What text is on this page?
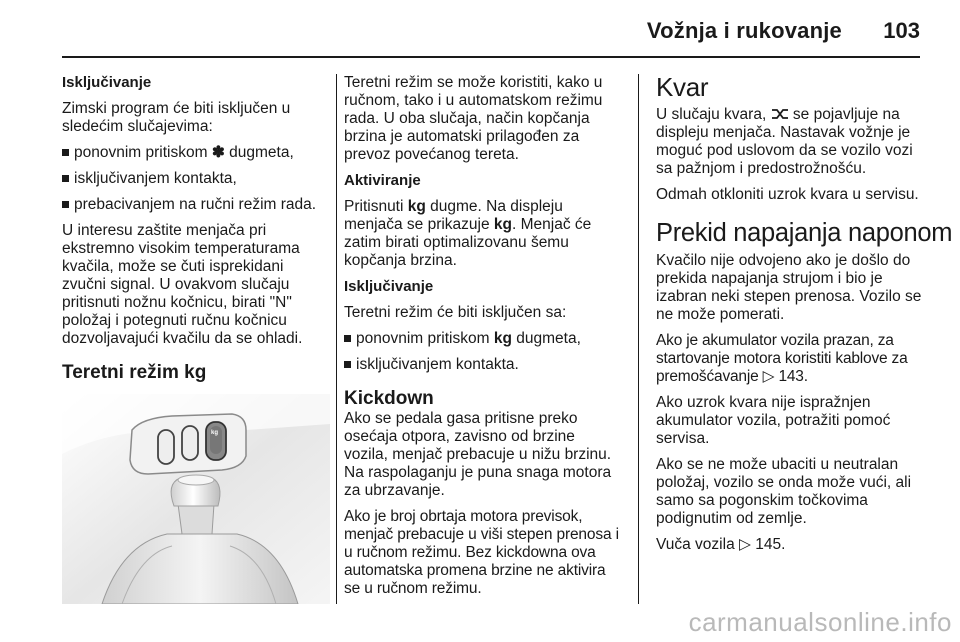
Vožnja i rukovanje 103

Isključivanje

Zimski program će biti isključen u sledećim slučajevima:

ponovnim pritiskom ✽ dugmeta,
isključivanjem kontakta,
prebacivanjem na ručni režim rada.

U interesu zaštite menjača pri ekstremno visokim temperaturama kvačila, može se čuti isprekidani zvučni signal. U ovakvom slučaju pritisnuti nožnu kočnicu, birati "N" položaj i potegnuti ručnu kočnicu dozvoljavajući kvačilu da se ohladi.

Teretni režim kg
kg

Teretni režim se može koristiti, kako u ručnom, tako i u automatskom režimu rada. U oba slučaja, način kopčanja brzina je automatski prilagođen za prevoz povećanog tereta.

Aktiviranje

Pritisnuti kg dugme. Na displeju menjača se prikazuje kg. Menjač će zatim birati optimalizovanu šemu kopčanja brzina.

Isključivanje

Teretni režim će biti isključen sa:

ponovnim pritiskom kg dugmeta,
isključivanjem kontakta.
Kickdown

Ako se pedala gasa pritisne preko osećaja otpora, zavisno od brzine vozila, menjač prebacuje u nižu brzinu. Na raspolaganju je puna snaga motora za ubrzavanje.

Ako je broj obrtaja motora previsok, menjač prebacuje u viši stepen prenosa i u ručnom režimu. Bez kickdowna ova automatska promena brzine ne aktivira se u ručnom režimu.

Kvar

U slučaju kvara, se pojavljuje na displeju menjača. Nastavak vožnje je moguć pod uslovom da se vozilo vozi sa pažnjom i predostrožnošću.

Odmah otkloniti uzrok kvara u servisu.

Prekid napajanja naponom

Kvačilo nije odvojeno ako je došlo do prekida napajanja strujom i bio je izabran neki stepen prenosa. Vozilo se ne može pomerati.

Ako je akumulator vozila prazan, za startovanje motora koristiti kablove za premošćavanje ▷ 143.

Ako uzrok kvara nije ispražnjen akumulator vozila, potražiti pomoć servisa.

Ako se ne može ubaciti u neutralan položaj, vozilo se onda može vući, ali samo sa pogonskim točkovima podignutim od zemlje.

Vuča vozila ▷ 145.

carmanualsonline.info
